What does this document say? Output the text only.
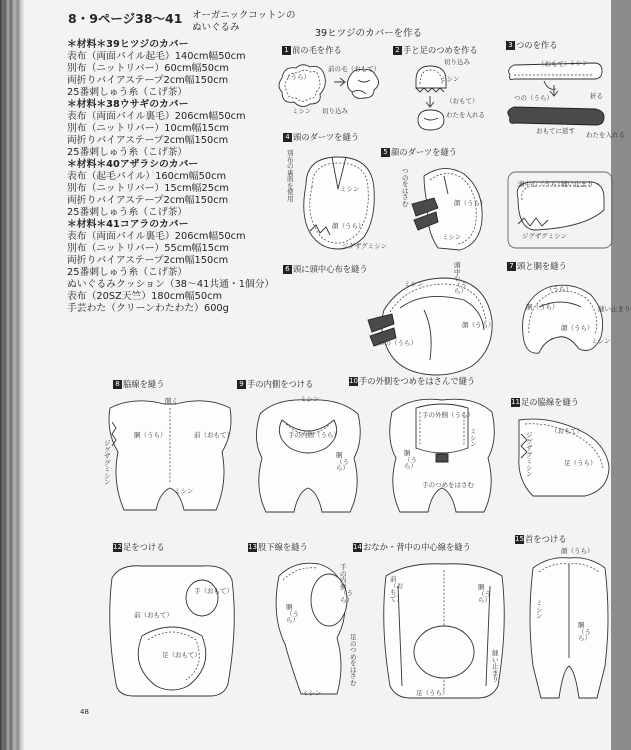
8・9ページ38～41 オーガニックコットンの
ぬいぐるみ
＊材料＊39ヒツジのカバー
表布（両面パイル起毛）140cm幅50cm
別布（ニットリバー）60cm幅50cm
両折りバイアステープ2cm幅150cm
25番刺しゅう糸（こげ茶）
＊材料＊38ウサギのカバー
表布（両面パイル裏毛）206cm幅50cm
別布（ニットリバー）10cm幅15cm
両折りバイアステープ2cm幅150cm
25番刺しゅう糸（こげ茶）
＊材料＊40アザラシのカバー
表布（起毛パイル）160cm幅50cm
別布（ニットリバー）15cm幅25cm
両折りバイアステープ2cm幅150cm
25番刺しゅう糸（こげ茶）
＊材料＊41コアラのカバー
表布（両面パイル裏毛）206cm幅50cm
別布（ニットリバー）55cm幅15cm
両折りバイアステープ2cm幅150cm
25番刺しゅう糸（こげ茶）
ぬいぐるみクッション（38～41共通・1個分）
表布（20SZ天竺）180cm幅50cm
手芸わた（クリーンわたわた）600g
39ヒツジのカバーを作る
1 前の毛を作る	2 手と足のつめを作る	3 つのを作る
4 頭のダーツを縫う
5 顔のダーツを縫う
6 頭に頭中心布を縫う	7 頭と胴を縫う
8 脇線を縫う	9 手の内側をつける	10手の外側をつめをはさんで縫う
11足の脇線を縫う
12足をつける	13股下線を縫う	14おなか・背中の中心線を縫う
15首をつける
（うら）
前の毛（おもて）
ミシン 切り込み
切り込み
ミシン
（おもて）
わたを入れる
（おもて）
ミシン
つの（うら）	折る
おもてに返す わたを入れる
別布の裏面を使用
ミシン
顔（うら）
ジグザグミシン
つのをはさむ	顔（うら）
ミシン
頭中心（うら）
縫い止まり
ジグザグミシン
ミシン
頭中心（うら）
顔（うら）
つの（うら）
（うら）
胴（うら）
顔（うら）
縫い止まり
ミシン
開く
胴（うら）	前（おもて）
ミシン
ジグザグミシン
ミシン
手の内側（うら）
胴（うら）
手の外側（うら）
胴（うら）
ミシン
手のつめをはさむ
（おもて）
足（うら）
ジグザグミシン
手（おもて）
前（おもて）
足（おもて）
手の内側（うら）
胴（うら）
足のつめをはさむ
ミシン
前（おもて）
胴（うら）
縫い止まり
足（うら）
顔（うら）
ミシン
胴（うら）
48
